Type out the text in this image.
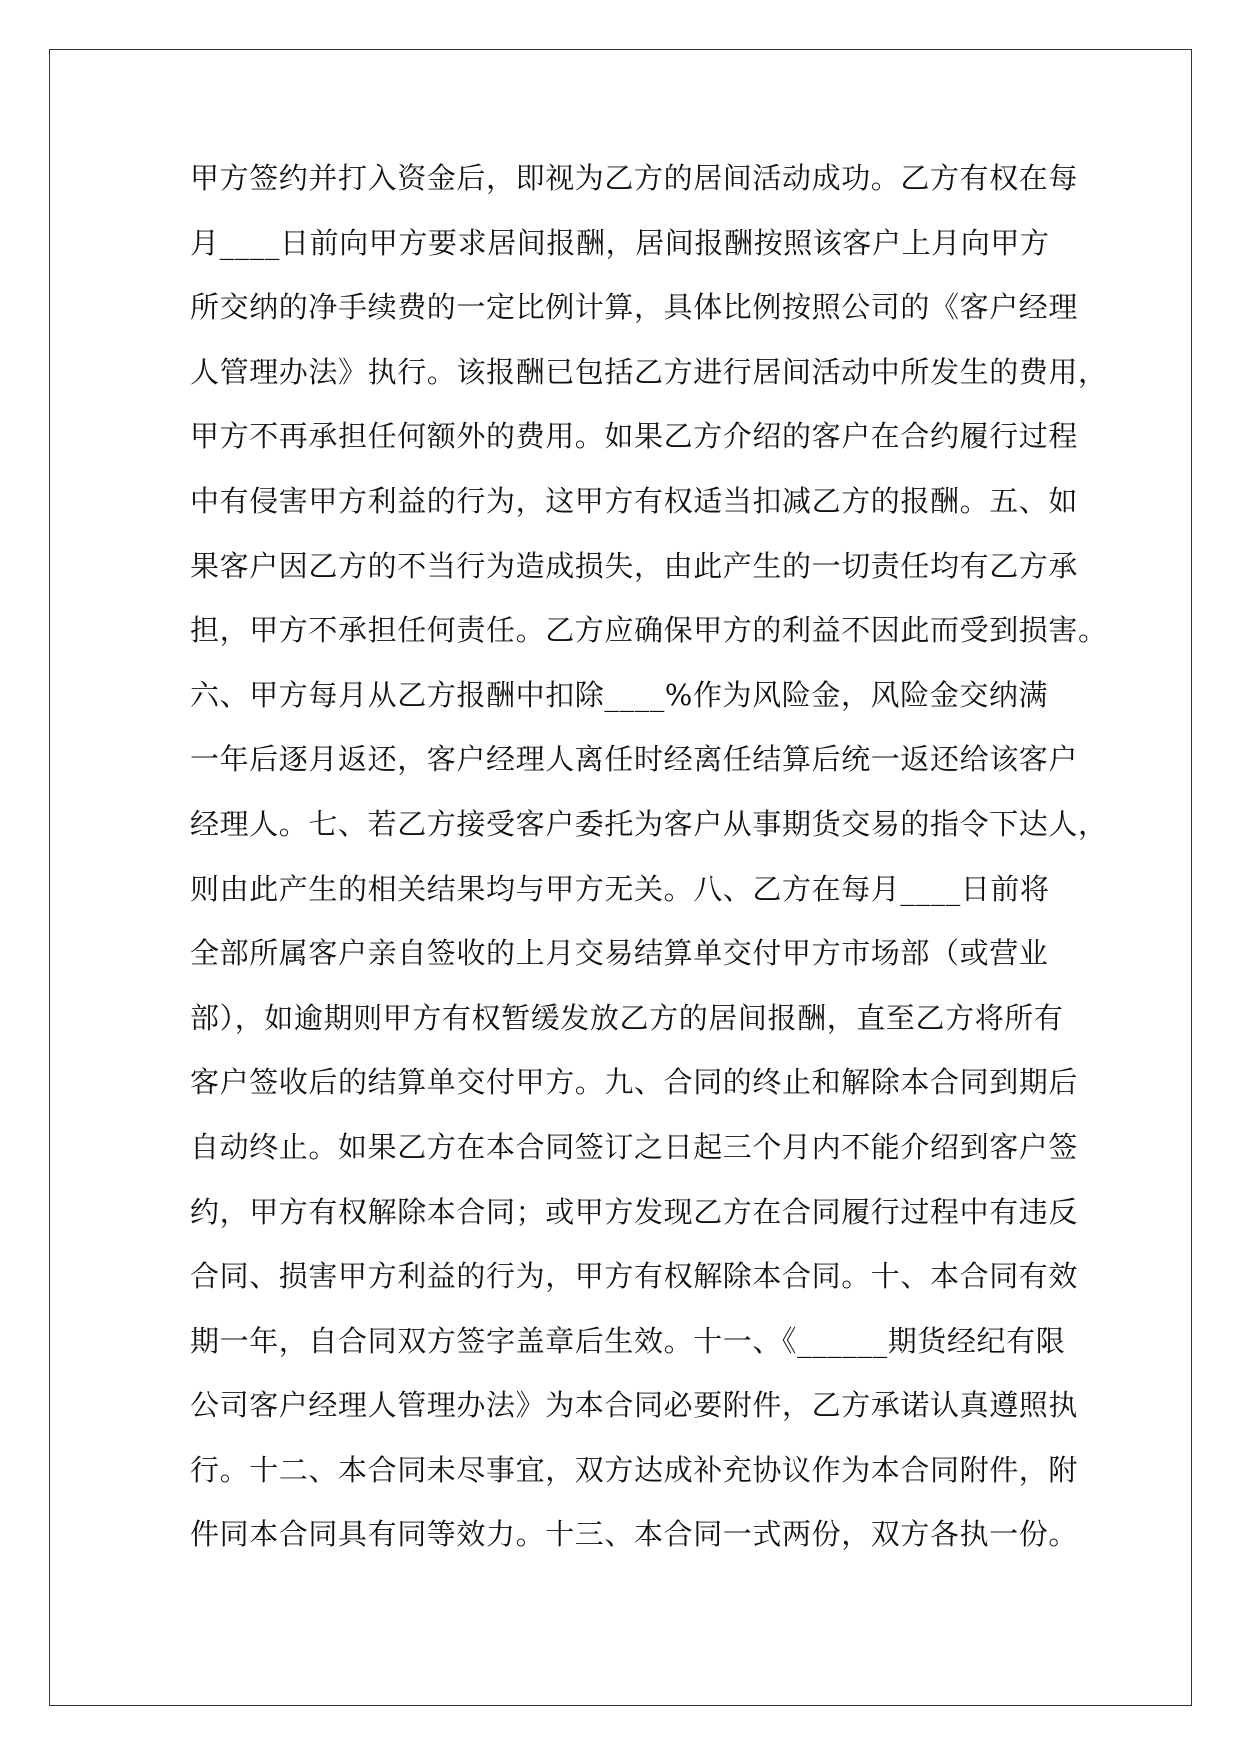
甲方签约并打入资金后，即视为乙方的居间活动成功。乙方有权在每
月____日前向甲方要求居间报酬，居间报酬按照该客户上月向甲方
所交纳的净手续费的一定比例计算，具体比例按照公司的《客户经理
人管理办法》执行。该报酬已包括乙方进行居间活动中所发生的费用，
甲方不再承担任何额外的费用。如果乙方介绍的客户在合约履行过程
中有侵害甲方利益的行为，这甲方有权适当扣减乙方的报酬。五、如
果客户因乙方的不当行为造成损失，由此产生的一切责任均有乙方承
担，甲方不承担任何责任。乙方应确保甲方的利益不因此而受到损害。
六、甲方每月从乙方报酬中扣除____%作为风险金，风险金交纳满
一年后逐月返还，客户经理人离任时经离任结算后统一返还给该客户
经理人。七、若乙方接受客户委托为客户从事期货交易的指令下达人，
则由此产生的相关结果均与甲方无关。八、乙方在每月____日前将
全部所属客户亲自签收的上月交易结算单交付甲方市场部（或营业
部），如逾期则甲方有权暂缓发放乙方的居间报酬，直至乙方将所有
客户签收后的结算单交付甲方。九、合同的终止和解除本合同到期后
自动终止。如果乙方在本合同签订之日起三个月内不能介绍到客户签
约，甲方有权解除本合同；或甲方发现乙方在合同履行过程中有违反
合同、损害甲方利益的行为，甲方有权解除本合同。十、本合同有效
期一年，自合同双方签字盖章后生效。十一、《______期货经纪有限
公司客户经理人管理办法》为本合同必要附件，乙方承诺认真遵照执
行。十二、本合同未尽事宜，双方达成补充协议作为本合同附件，附
件同本合同具有同等效力。十三、本合同一式两份，双方各执一份。
